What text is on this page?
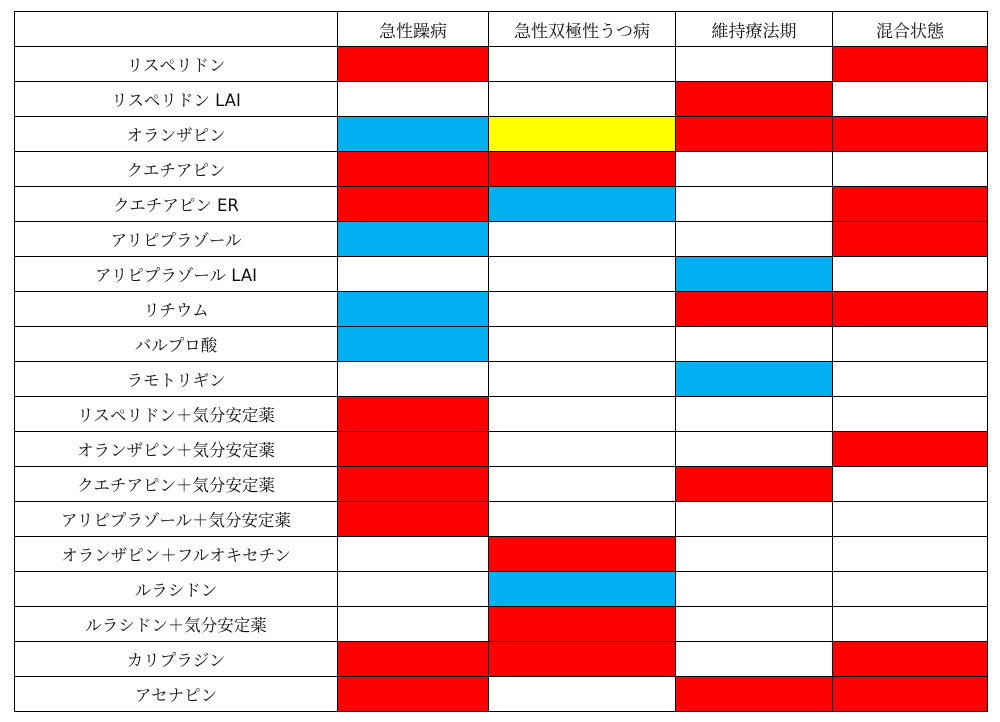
	急性躁病	急性双極性うつ病	維持療法期	混合状態
リスペリドン				
リスペリドン LAI				
オランザピン				
クエチアピン				
クエチアピン ER				
アリピプラゾール				
アリピプラゾール LAI				
リチウム				
バルプロ酸				
ラモトリギン				
リスペリドン＋気分安定薬				
オランザピン＋気分安定薬				
クエチアピン＋気分安定薬				
アリピプラゾール＋気分安定薬				
オランザピン＋フルオキセチン				
ルラシドン				
ルラシドン＋気分安定薬				
カリプラジン				
アセナピン				
